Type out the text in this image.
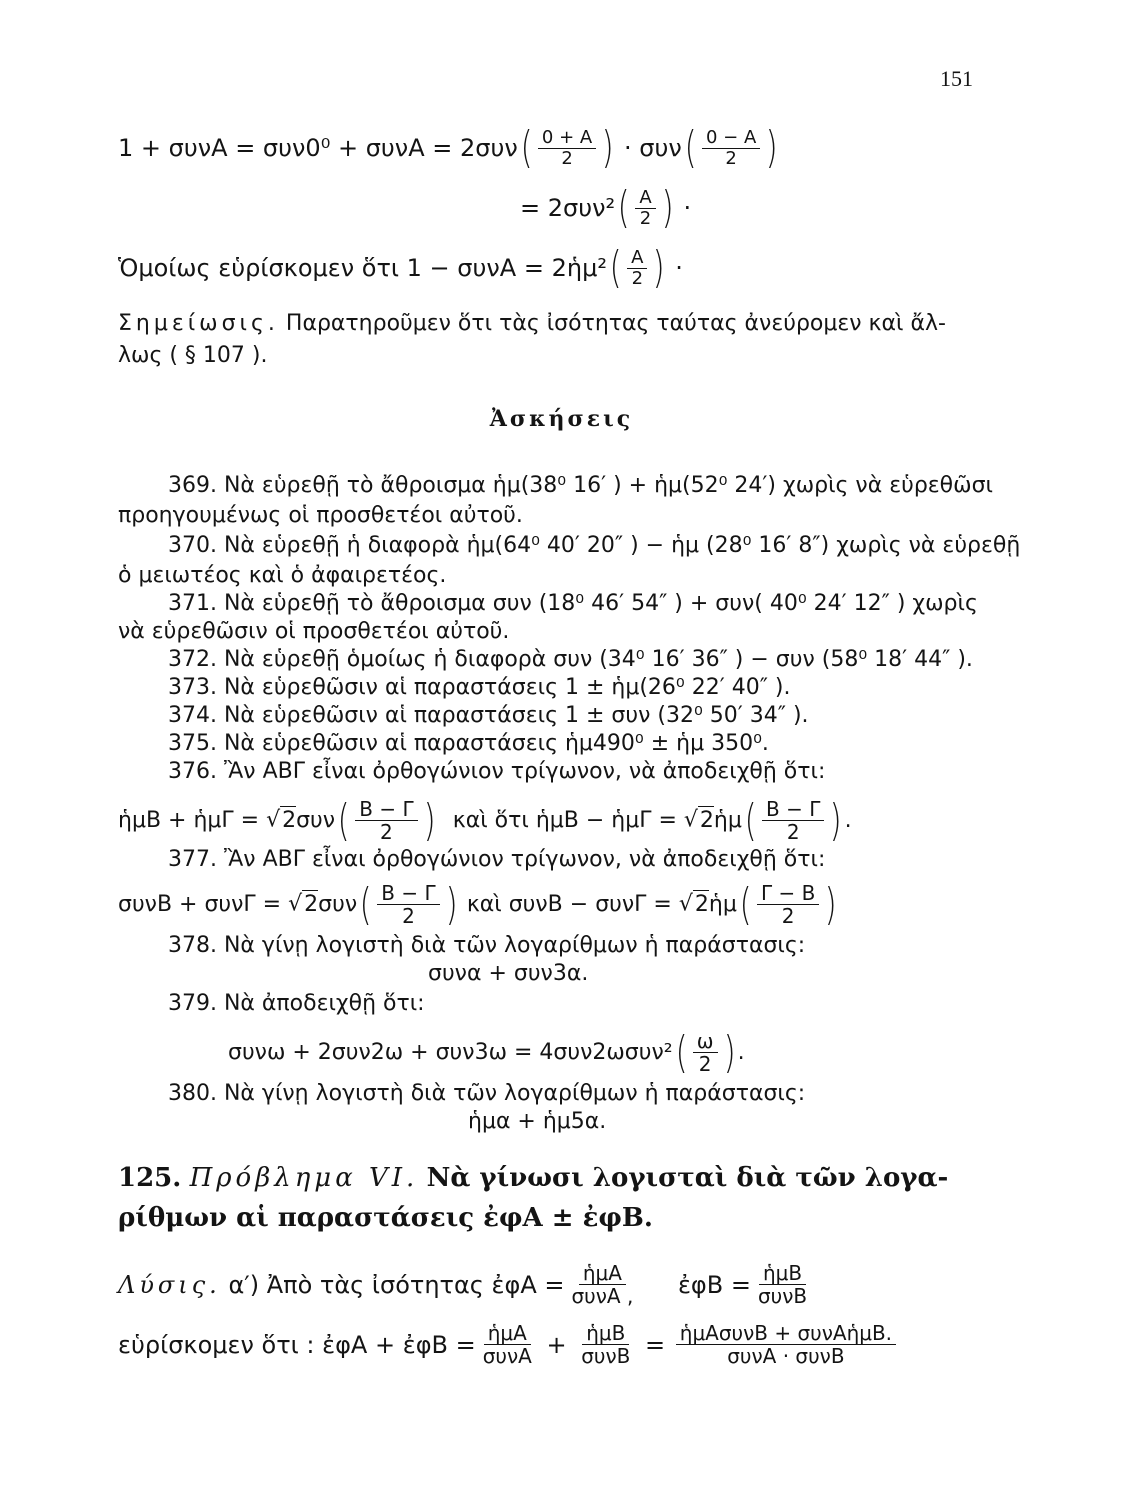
151
$1 + \sigma\upsilon\nu A = \sigma\upsilon\nu 0^0 + \sigma\upsilon\nu A = 2\sigma\upsilon\nu( \frac{0 + A}{2}$ ) · $\sigma\upsilon\nu( \frac{0 - A}{2}$ )
= $2\sigma\upsilon\nu^2( \frac{A}{2}$ ) ·
Ὁμοίως εὑρίσκομεν ὅτι 1 − συνA = 2ἡμ²( $\frac{A}{2}$ ) ·
Σημείωσις. Παρατηροῦμεν ὅτι τὰς ἰσότητας ταύτας ἀνεύρομεν καὶ ἄλ-
λως ( § 107 ).
Ἀσκήσεις
369. Νὰ εὑρεθῇ τὸ ἄθροισμα ἡμ(38⁰ 16′ ) + ἡμ(52⁰ 24′) χωρὶς νὰ εὑρεθῶσι
προηγουμένως οἱ προσθετέοι αὐτοῦ.
370. Νὰ εὑρεθῇ ἡ διαφορὰ ἡμ(64⁰ 40′ 20″ ) − ἡμ (28⁰ 16′ 8″) χωρὶς νὰ εὑρεθῇ
ὁ μειωτέος καὶ ὁ ἀφαιρετέος.
371. Νὰ εὑρεθῇ τὸ ἄθροισμα συν (18⁰ 46′ 54″ ) + συν( 40⁰ 24′ 12″ ) χωρὶς
νὰ εὑρεθῶσιν οἱ προσθετέοι αὐτοῦ.
372. Νὰ εὑρεθῇ ὁμοίως ἡ διαφορὰ συν (34⁰ 16′ 36″ ) − συν (58⁰ 18′ 44″ ).
373. Νὰ εὑρεθῶσιν αἱ παραστάσεις 1 ± ἡμ(26⁰ 22′ 40″ ).
374. Νὰ εὑρεθῶσιν αἱ παραστάσεις 1 ± συν (32⁰ 50′ 34″ ).
375. Νὰ εὑρεθῶσιν αἱ παραστάσεις ἡμ490⁰ ± ἡμ 350⁰.
376. Ἂν ΑΒΓ εἶναι ὀρθογώνιον τρίγωνον, νὰ ἀποδειχθῇ ὅτι:
ἡμB + ἡμΓ = $√2\sigma\upsilon\nu( \frac{B - \Gamma}{2}$ ) καὶ ὅτι ἡμB − ἡμΓ = √2ἡμ( $\frac{B - \Gamma}{2}$ ) .
377. Ἂν ΑΒΓ εἶναι ὀρθογώνιον τρίγωνον, νὰ ἀποδειχθῇ ὅτι:
$\sigma\upsilon\nu B + \sigma\upsilon\nu\Gamma = √2\sigma\upsilon\nu( \frac{B - \Gamma}{2}$ ) καὶ συνB − συνΓ = √2ἡμ( $\frac{\Gamma - B}{2}$ )
378. Νὰ γίνῃ λογιστὴ διὰ τῶν λογαρίθμων ἡ παράστασις:
συνα + συν3α.
379. Νὰ ἀποδειχθῇ ὅτι:
$\sigma\upsilon\nu\omega + 2\sigma\upsilon\nu 2\omega + \sigma\upsilon\nu 3\omega = 4\sigma\upsilon\nu 2\omega\sigma\upsilon\nu^2( \frac{\omega}{2}$ ) .
380. Νὰ γίνῃ λογιστὴ διὰ τῶν λογαρίθμων ἡ παράστασις:
ἡμα + ἡμ5α.
125. Πρόβλημα VI. Νὰ γίνωσι λογισταὶ διὰ τῶν λογα-
ρίθμων αἱ παραστάσεις ἐφA ± ἐφB.
Λύσις. α′) Ἀπὸ τὰς ἰσότητας ἐφA = $\frac{\text{ἡμA}}{\text{συνA ,}}$ ἐφB = $\frac{\text{ἡμB}}{\text{συνB}}$
εὑρίσκομεν ὅτι : ἐφA + ἐφB = $\frac{\text{ἡμA}}{\text{συνA}} + \frac{\text{ἡμB}}{\text{συνB}} = \frac{\text{ἡμAσυνB + συνAἡμB.}}{\text{συνA · συνB}}$
